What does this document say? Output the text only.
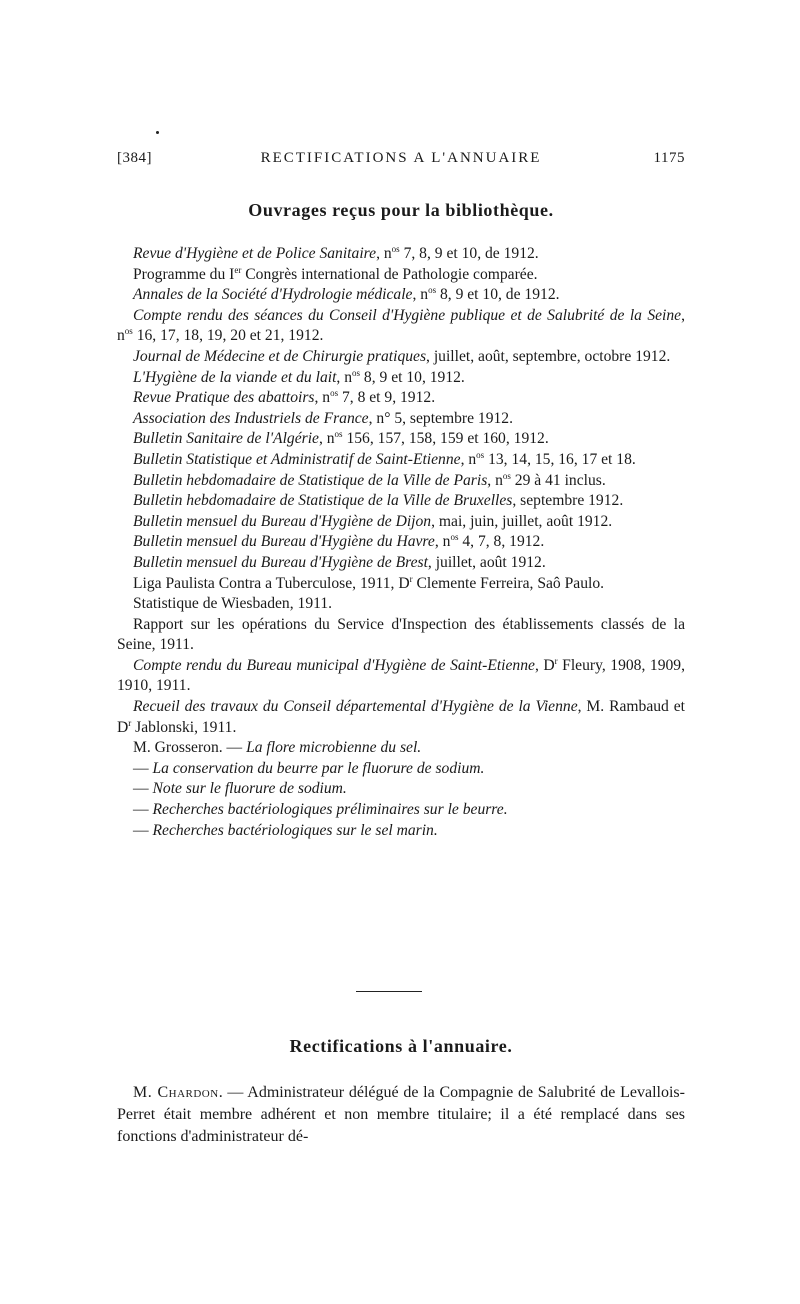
[384]	RECTIFICATIONS A L'ANNUAIRE	1175
Ouvrages reçus pour la bibliothèque.

Revue d'Hygiène et de Police Sanitaire, $n^{os}$ 7, 8, 9 et 10, de 1912.

Programme du Ier Congrès international de Pathologie comparée.

Annales de la Société d'Hydrologie médicale, $n^{os}$ 8, 9 et 10, de 1912.

Compte rendu des séances du Conseil d'Hygiène publique et de Salubrité de la Seine, $n^{os}$ 16, 17, 18, 19, 20 et 21, 1912.

Journal de Médecine et de Chirurgie pratiques, juillet, août, septembre, octobre 1912.

L'Hygiène de la viande et du lait, $n^{os}$ 8, 9 et 10, 1912.

Revue Pratique des abattoirs, $n^{os}$ 7, 8 et 9, 1912.

Association des Industriels de France, n° 5, septembre 1912.

Bulletin Sanitaire de l'Algérie, $n^{os}$ 156, 157, 158, 159 et 160, 1912.

Bulletin Statistique et Administratif de Saint-Etienne, $n^{os}$ 13, 14, 15, 16, 17 et 18.

Bulletin hebdomadaire de Statistique de la Ville de Paris, $n^{os}$ 29 à 41 inclus.

Bulletin hebdomadaire de Statistique de la Ville de Bruxelles, septembre 1912.

Bulletin mensuel du Bureau d'Hygiène de Dijon, mai, juin, juillet, août 1912.

Bulletin mensuel du Bureau d'Hygiène du Havre, $n^{os}$ 4, 7, 8, 1912.

Bulletin mensuel du Bureau d'Hygiène de Brest, juillet, août 1912.

Liga Paulista Contra a Tuberculose, 1911, $D^r$ Clemente Ferreira, Saô Paulo.

Statistique de Wiesbaden, 1911.

Rapport sur les opérations du Service d'Inspection des établissements classés de la Seine, 1911.

Compte rendu du Bureau municipal d'Hygiène de Saint-Etienne, $D^r$ Fleury, 1908, 1909, 1910, 1911.

Recueil des travaux du Conseil départemental d'Hygiène de la Vienne, M. Rambaud et $D^r$ Jablonski, 1911.

M. Grosseron. — La flore microbienne du sel.

— La conservation du beurre par le fluorure de sodium.

— Note sur le fluorure de sodium.

— Recherches bactériologiques préliminaires sur le beurre.

— Recherches bactériologiques sur le sel marin.

Rectifications à l'annuaire.

M. Chardon. — Administrateur délégué de la Compagnie de Salubrité de Levallois-Perret était membre adhérent et non membre titulaire; il a été remplacé dans ses fonctions d'administrateur dé-
